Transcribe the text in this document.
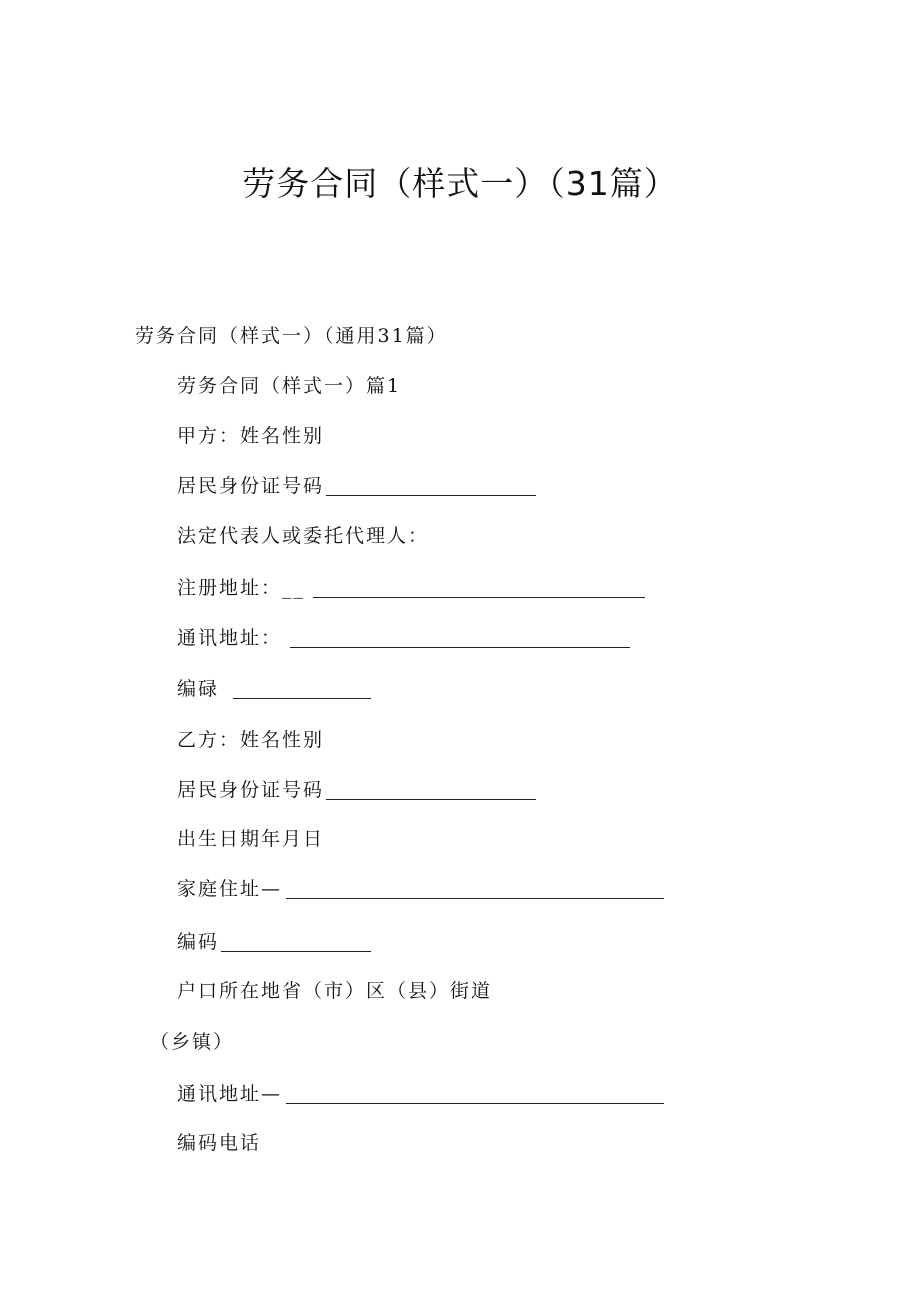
劳务合同（样式一）（31篇）
劳务合同（样式一）（通用31篇）
劳务合同（样式一）篇1
甲方：姓名性别
居民身份证号码
法定代表人或委托代理人：
注册地址： __
通讯地址：
编碌
乙方：姓名性别
居民身份证号码
出生日期年月日
家庭住址—
编码
户口所在地省（市）区（县）街道
（乡镇）
通讯地址—
编码电话
